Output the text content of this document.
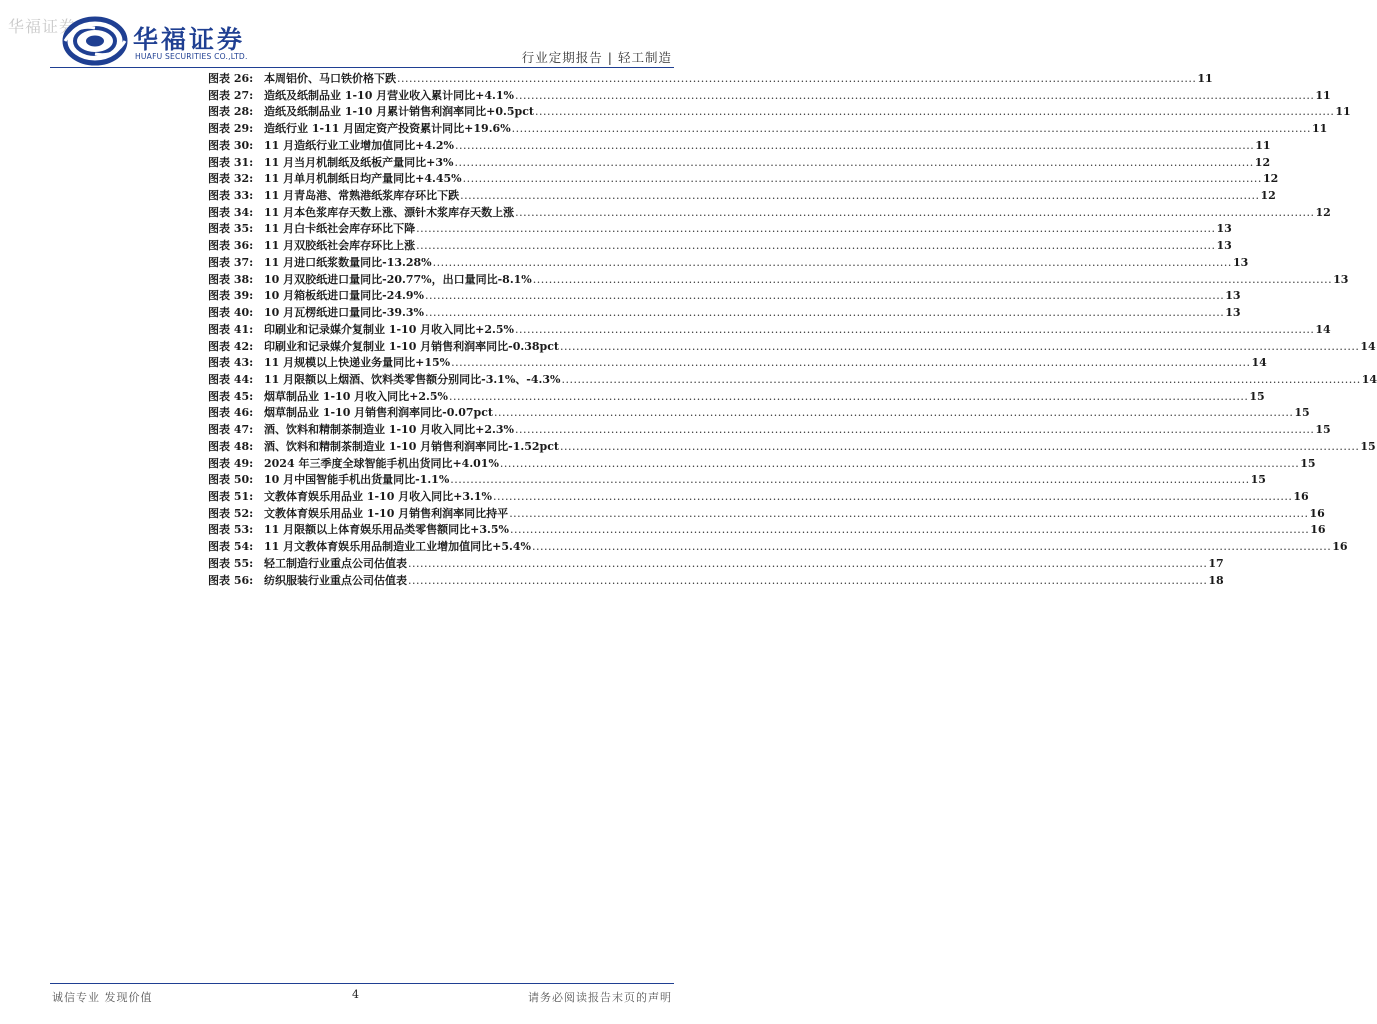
华福证券 华福证券
HUAFU SECURITIES CO.,LTD.	行业定期报告 | 轻工制造
图表 26: 本周铝价、马口铁价格下跌 ........................................................................................................................................................................................................ 11
图表 27: 造纸及纸制品业 1-10 月营业收入累计同比+4.1% ........................................................................................................................................................................................................ 11
图表 28: 造纸及纸制品业 1-10 月累计销售利润率同比+0.5pct ........................................................................................................................................................................................................ 11
图表 29: 造纸行业 1-11 月固定资产投资累计同比+19.6% ........................................................................................................................................................................................................ 11
图表 30: 11 月造纸行业工业增加值同比+4.2% ........................................................................................................................................................................................................ 11
图表 31: 11 月当月机制纸及纸板产量同比+3% ........................................................................................................................................................................................................ 12
图表 32: 11 月单月机制纸日均产量同比+4.45% ........................................................................................................................................................................................................ 12
图表 33: 11 月青岛港、常熟港纸浆库存环比下跌 ........................................................................................................................................................................................................ 12
图表 34: 11 月本色浆库存天数上涨、漂针木浆库存天数上涨 ........................................................................................................................................................................................................ 12
图表 35: 11 月白卡纸社会库存环比下降 ........................................................................................................................................................................................................ 13
图表 36: 11 月双胶纸社会库存环比上涨 ........................................................................................................................................................................................................ 13
图表 37: 11 月进口纸浆数量同比-13.28% ........................................................................................................................................................................................................ 13
图表 38: 10 月双胶纸进口量同比-20.77%，出口量同比-8.1% ........................................................................................................................................................................................................ 13
图表 39: 10 月箱板纸进口量同比-24.9% ........................................................................................................................................................................................................ 13
图表 40: 10 月瓦楞纸进口量同比-39.3% ........................................................................................................................................................................................................ 13
图表 41: 印刷业和记录媒介复制业 1-10 月收入同比+2.5% ........................................................................................................................................................................................................ 14
图表 42: 印刷业和记录媒介复制业 1-10 月销售利润率同比-0.38pct ........................................................................................................................................................................................................ 14
图表 43: 11 月规模以上快递业务量同比+15% ........................................................................................................................................................................................................ 14
图表 44: 11 月限额以上烟酒、饮料类零售额分别同比-3.1%、-4.3% ........................................................................................................................................................................................................ 14
图表 45: 烟草制品业 1-10 月收入同比+2.5% ........................................................................................................................................................................................................ 15
图表 46: 烟草制品业 1-10 月销售利润率同比-0.07pct ........................................................................................................................................................................................................ 15
图表 47: 酒、饮料和精制茶制造业 1-10 月收入同比+2.3% ........................................................................................................................................................................................................ 15
图表 48: 酒、饮料和精制茶制造业 1-10 月销售利润率同比-1.52pct ........................................................................................................................................................................................................ 15
图表 49: 2024 年三季度全球智能手机出货同比+4.01% ........................................................................................................................................................................................................ 15
图表 50: 10 月中国智能手机出货量同比-1.1% ........................................................................................................................................................................................................ 15
图表 51: 文教体育娱乐用品业 1-10 月收入同比+3.1% ........................................................................................................................................................................................................ 16
图表 52: 文教体育娱乐用品业 1-10 月销售利润率同比持平 ........................................................................................................................................................................................................ 16
图表 53: 11 月限额以上体育娱乐用品类零售额同比+3.5% ........................................................................................................................................................................................................ 16
图表 54: 11 月文教体育娱乐用品制造业工业增加值同比+5.4% ........................................................................................................................................................................................................ 16
图表 55: 轻工制造行业重点公司估值表 ........................................................................................................................................................................................................ 17
图表 56: 纺织服装行业重点公司估值表 ........................................................................................................................................................................................................ 18
诚信专业 发现价值	4	请务必阅读报告末页的声明
